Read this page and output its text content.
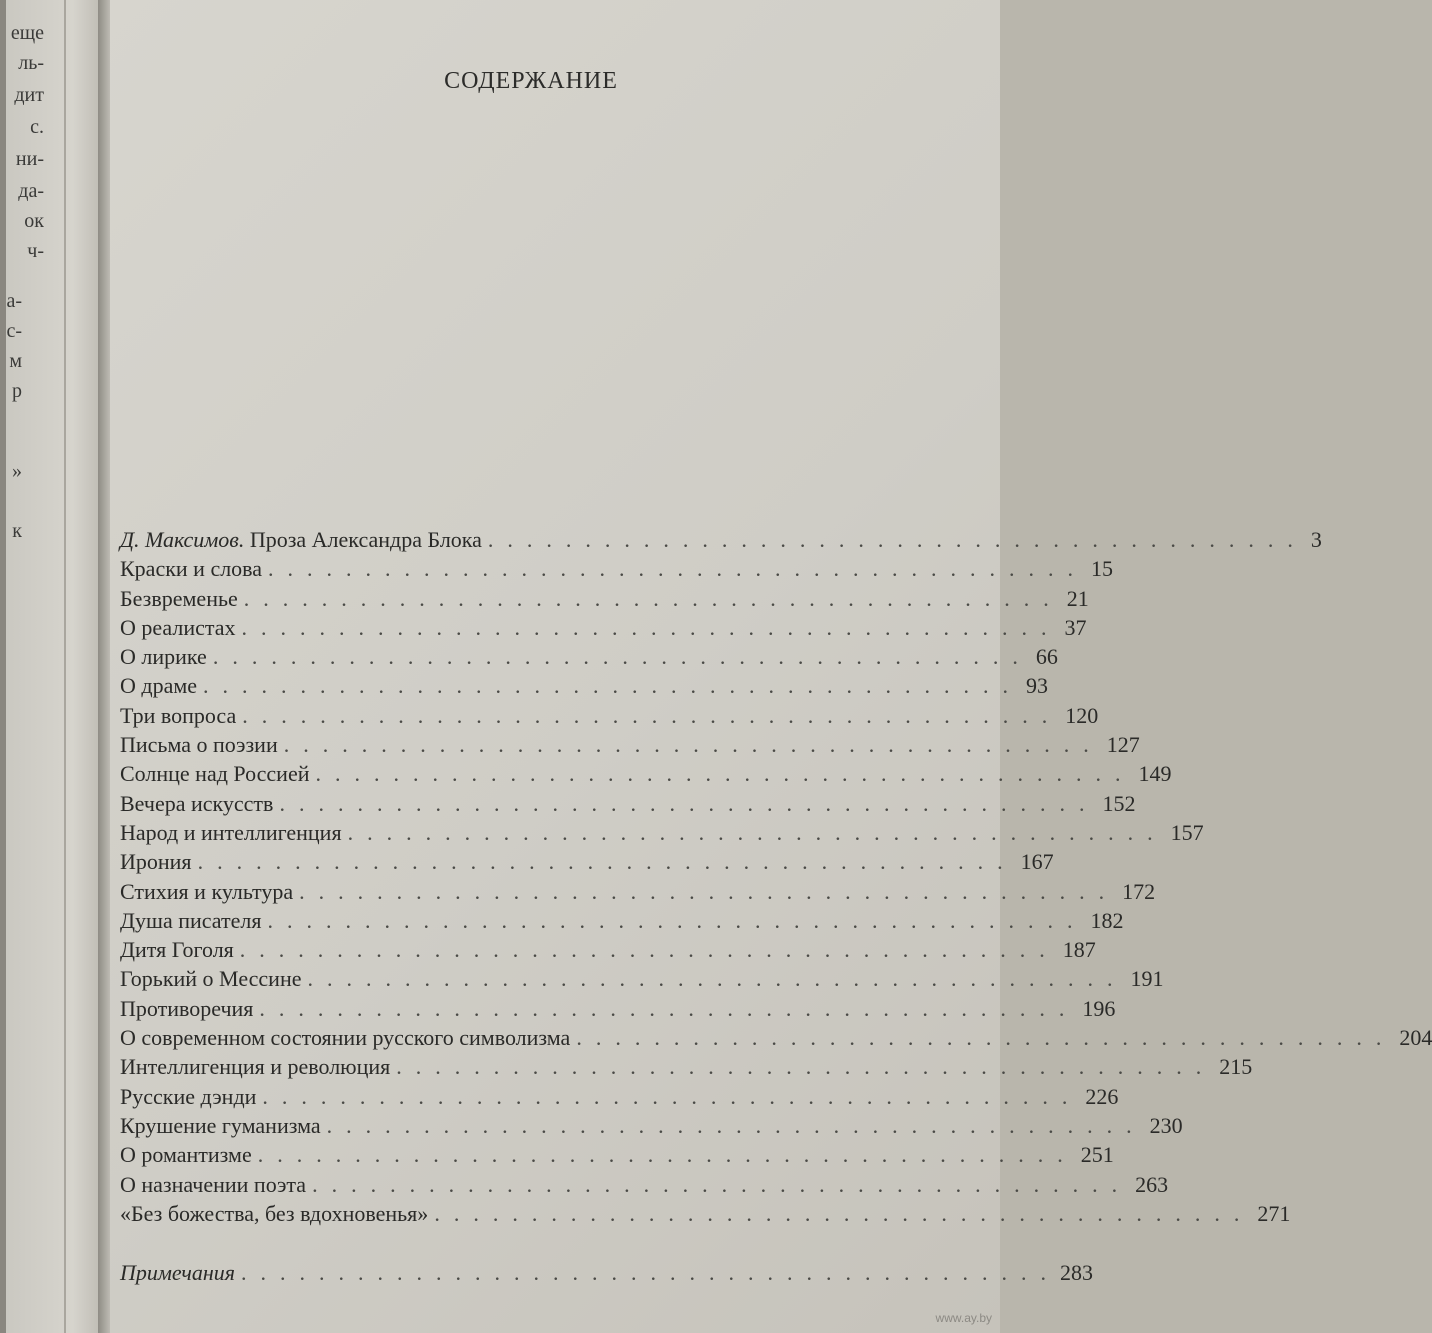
еще
ль-
дит
с.
ни-
да-
ок
ч-
а-
с-
м
р
»
к
СОДЕРЖАНИЕ
Д. Максимов. Проза Александра Блока .......................................... 3
Краски и слова .......................................... 15
Безвременье .......................................... 21
О реалистах .......................................... 37
О лирике .......................................... 66
О драме .......................................... 93
Три вопроса .......................................... 120
Письма о поэзии .......................................... 127
Солнце над Россией .......................................... 149
Вечера искусств .......................................... 152
Народ и интеллигенция .......................................... 157
Ирония .......................................... 167
Стихия и культура .......................................... 172
Душа писателя .......................................... 182
Дитя Гоголя .......................................... 187
Горький о Мессине .......................................... 191
Противоречия .......................................... 196
О современном состоянии русского символизма .......................................... 204
Интеллигенция и революция .......................................... 215
Русские дэнди .......................................... 226
Крушение гуманизма .......................................... 230
О романтизме .......................................... 251
О назначении поэта .......................................... 263
«Без божества, без вдохновенья» .......................................... 271
Примечания .......................................... 283
www.ay.by
